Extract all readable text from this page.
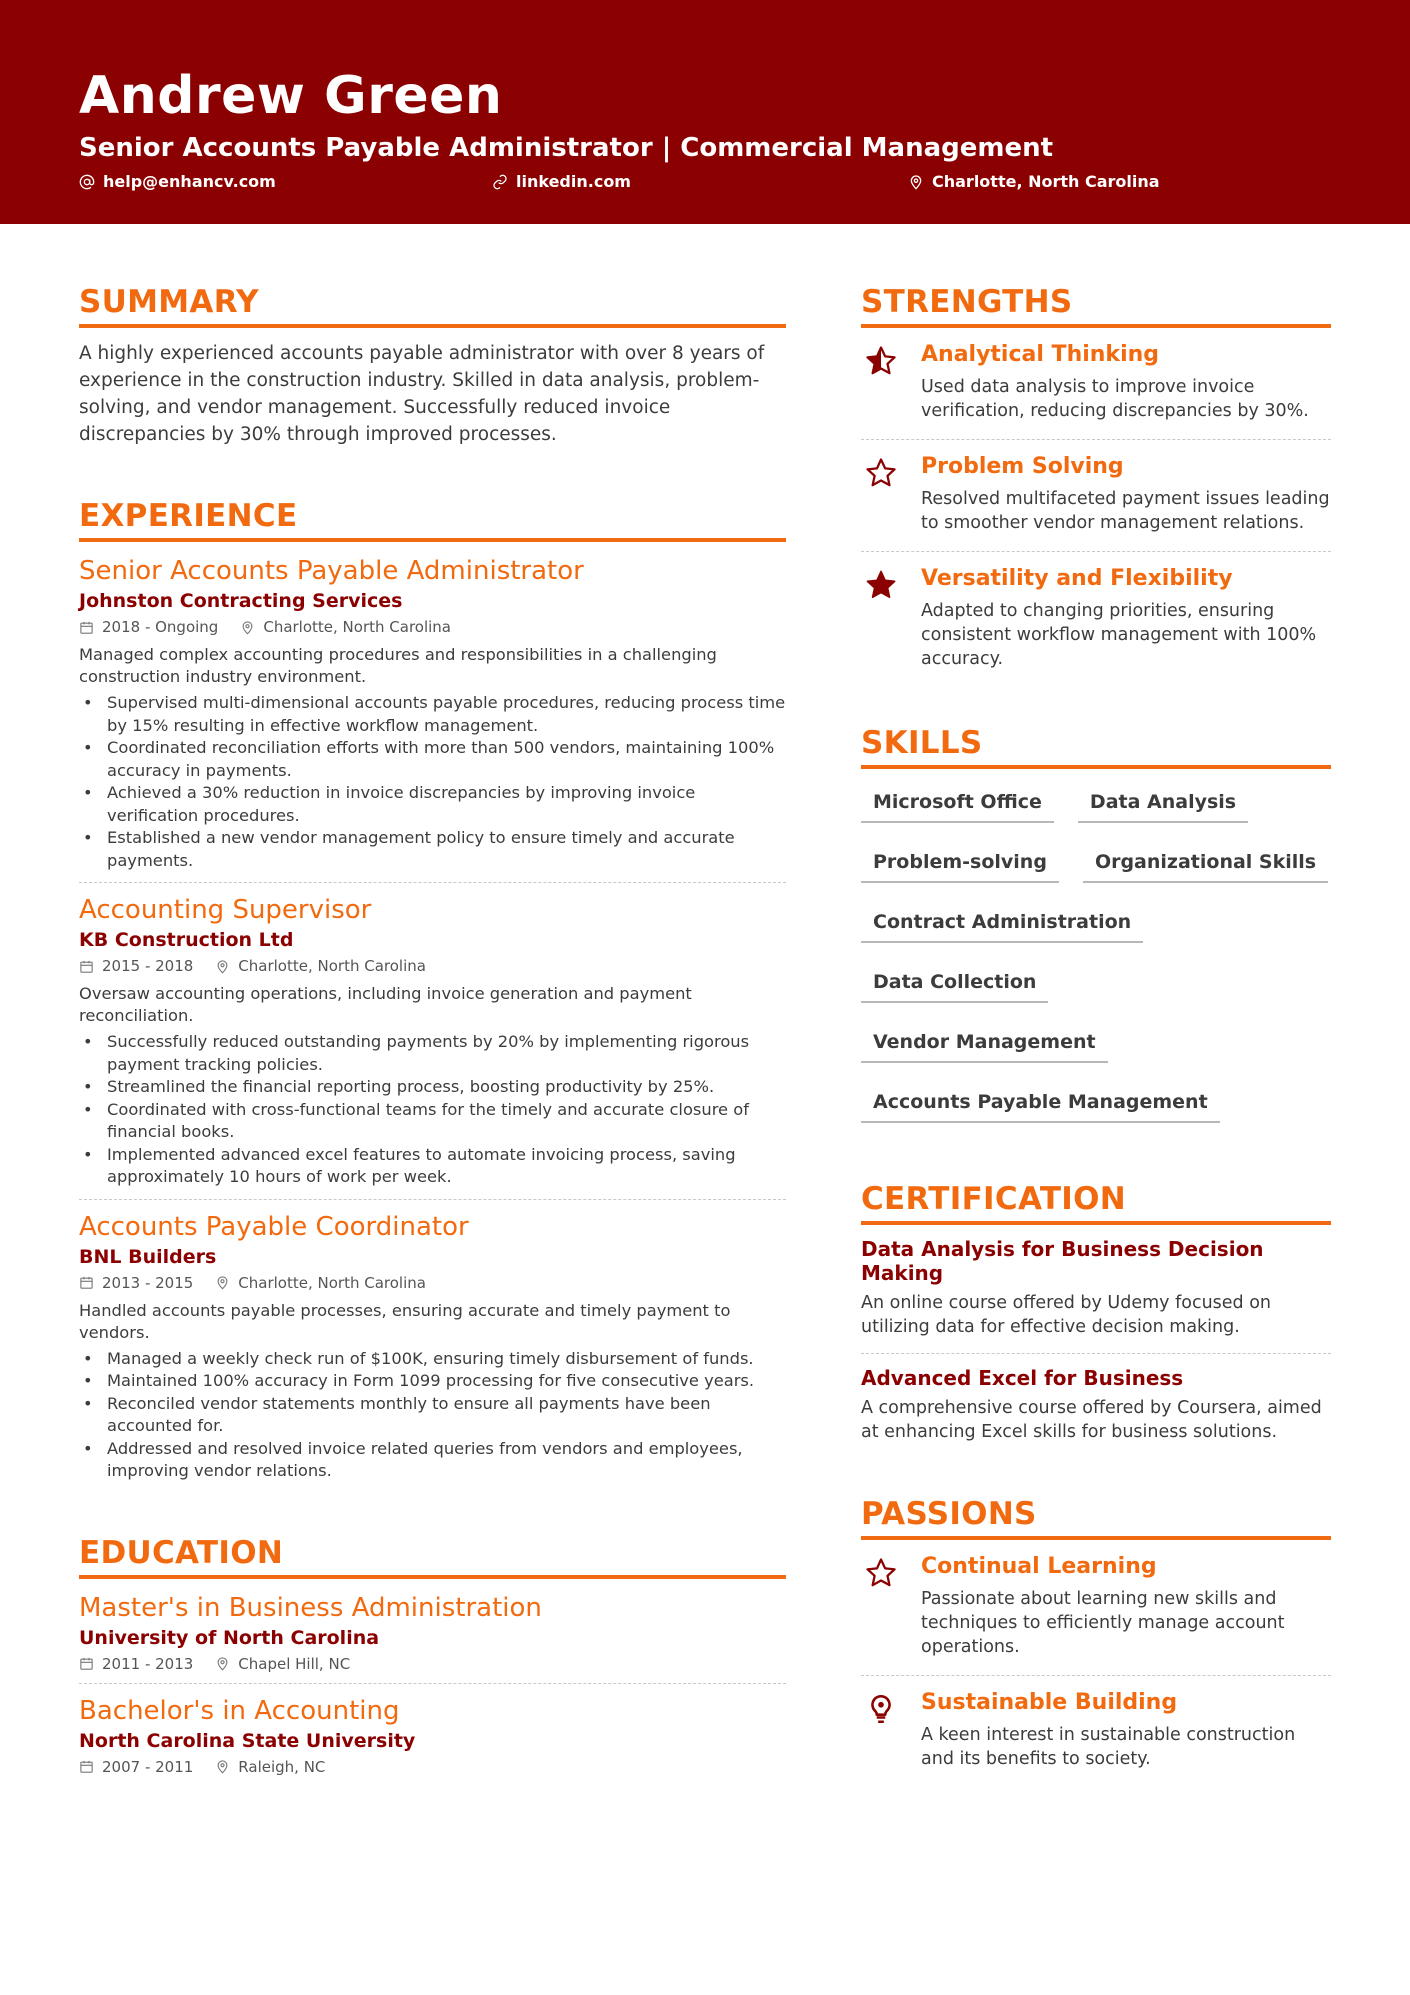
Andrew Green
Senior Accounts Payable Administrator | Commercial Management
help@enhancv.com	linkedin.com	Charlotte, North Carolina
SUMMARY
A highly experienced accounts payable administrator with over 8 years of experience in the construction industry. Skilled in data analysis, problem-solving, and vendor management. Successfully reduced invoice discrepancies by 30% through improved processes.
EXPERIENCE
Senior Accounts Payable Administrator
Johnston Contracting Services
2018 - Ongoing	Charlotte, North Carolina
Managed complex accounting procedures and responsibilities in a challenging construction industry environment.
• Supervised multi-dimensional accounts payable procedures, reducing process time by 15% resulting in effective workflow management.
• Coordinated reconciliation efforts with more than 500 vendors, maintaining 100% accuracy in payments.
• Achieved a 30% reduction in invoice discrepancies by improving invoice verification procedures.
• Established a new vendor management policy to ensure timely and accurate payments.
Accounting Supervisor
KB Construction Ltd
2015 - 2018	Charlotte, North Carolina
Oversaw accounting operations, including invoice generation and payment reconciliation.
• Successfully reduced outstanding payments by 20% by implementing rigorous payment tracking policies.
• Streamlined the financial reporting process, boosting productivity by 25%.
• Coordinated with cross-functional teams for the timely and accurate closure of financial books.
• Implemented advanced excel features to automate invoicing process, saving approximately 10 hours of work per week.
Accounts Payable Coordinator
BNL Builders
2013 - 2015	Charlotte, North Carolina
Handled accounts payable processes, ensuring accurate and timely payment to vendors.
• Managed a weekly check run of $100K, ensuring timely disbursement of funds.
• Maintained 100% accuracy in Form 1099 processing for five consecutive years.
• Reconciled vendor statements monthly to ensure all payments have been accounted for.
• Addressed and resolved invoice related queries from vendors and employees, improving vendor relations.
EDUCATION
Master's in Business Administration
University of North Carolina
2011 - 2013	Chapel Hill, NC
Bachelor's in Accounting
North Carolina State University
2007 - 2011	Raleigh, NC
STRENGTHS
Analytical Thinking
Used data analysis to improve invoice verification, reducing discrepancies by 30%.
Problem Solving
Resolved multifaceted payment issues leading to smoother vendor management relations.
Versatility and Flexibility
Adapted to changing priorities, ensuring consistent workflow management with 100% accuracy.
SKILLS
Microsoft Office	Data Analysis
Problem-solving	Organizational Skills
Contract Administration
Data Collection
Vendor Management
Accounts Payable Management
CERTIFICATION
Data Analysis for Business Decision Making
An online course offered by Udemy focused on utilizing data for effective decision making.
Advanced Excel for Business
A comprehensive course offered by Coursera, aimed at enhancing Excel skills for business solutions.
PASSIONS
Continual Learning
Passionate about learning new skills and techniques to efficiently manage account operations.
Sustainable Building
A keen interest in sustainable construction and its benefits to society.
